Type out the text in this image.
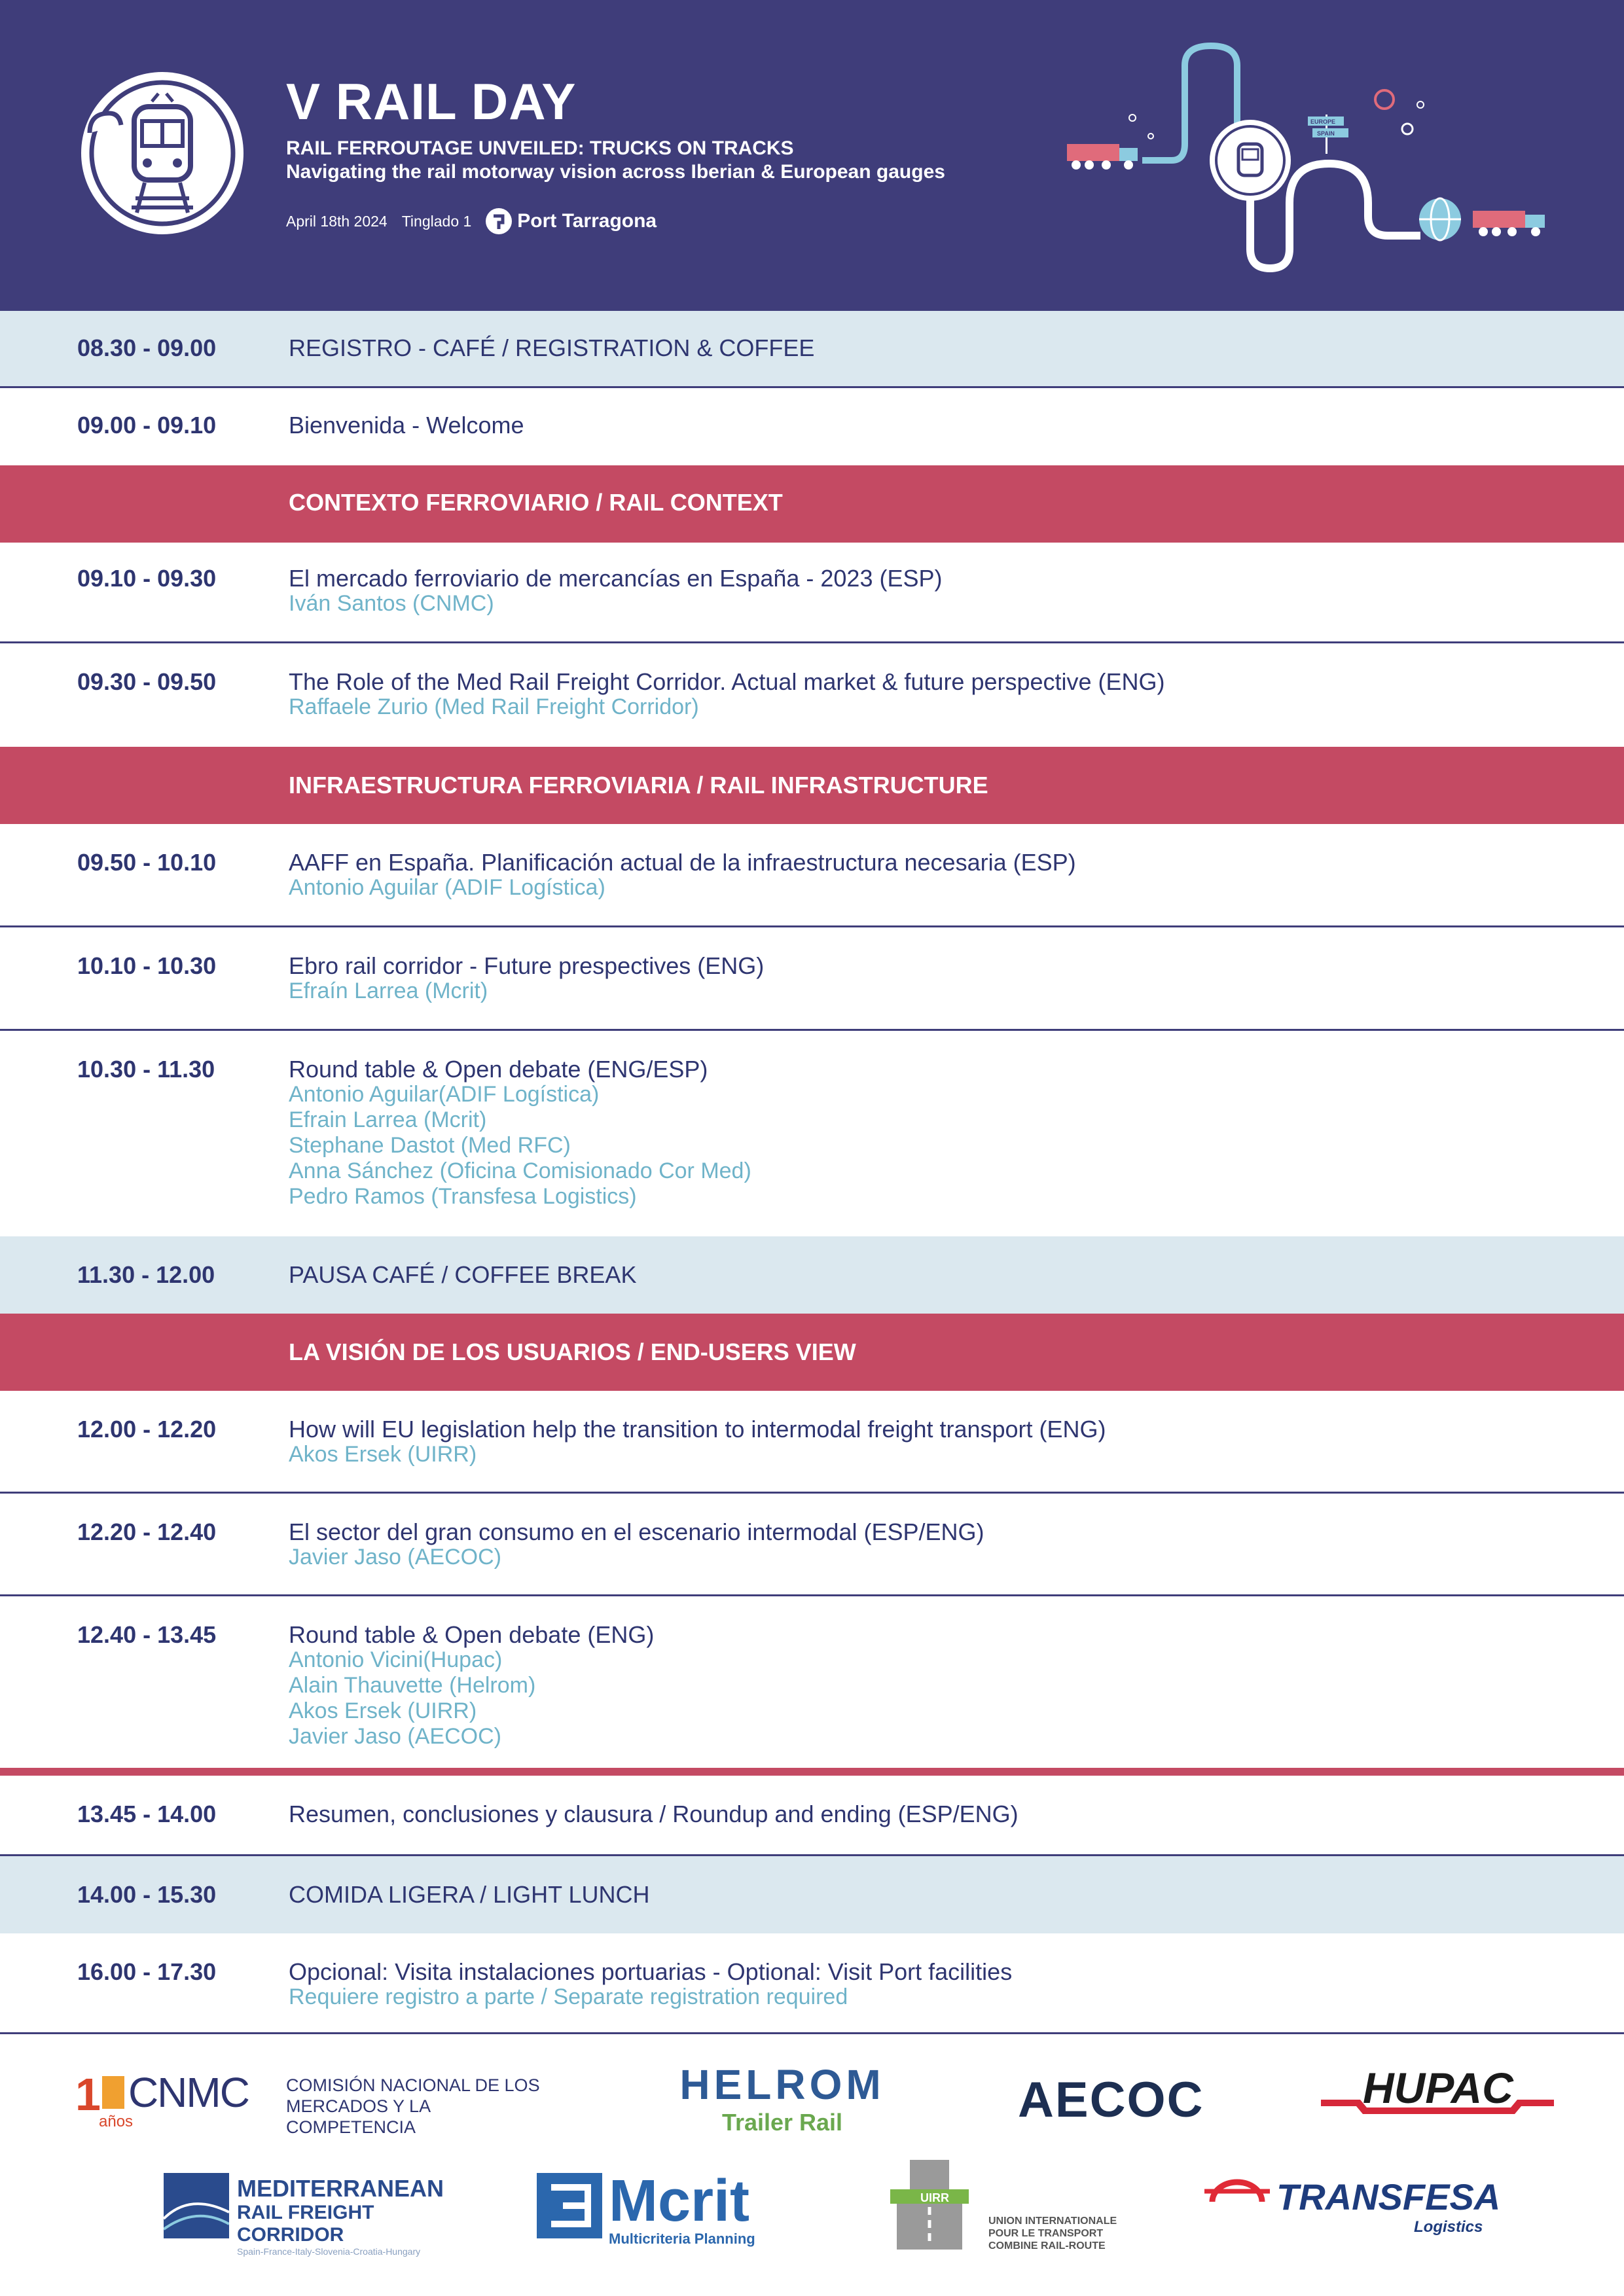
V RAIL DAY
RAIL FERROUTAGE UNVEILED: TRUCKS ON TRACKS
Navigating the rail motorway vision across Iberian & European gauges
April 18th 2024 Tinglado 1 Port Tarragona
EUROPE
SPAIN
08.30 - 09.00	REGISTRO - CAFÉ / REGISTRATION & COFFEE
09.00 - 09.10	Bienvenida - Welcome
CONTEXTO FERROVIARIO / RAIL CONTEXT
09.10 - 09.30	El mercado ferroviario de mercancías en España - 2023 (ESP)
Iván Santos (CNMC)
09.30 - 09.50	The Role of the Med Rail Freight Corridor. Actual market & future perspective (ENG)
Raffaele Zurio (Med Rail Freight Corridor)
INFRAESTRUCTURA FERROVIARIA / RAIL INFRASTRUCTURE
09.50 - 10.10	AAFF en España. Planificación actual de la infraestructura necesaria (ESP)
Antonio Aguilar (ADIF Logística)
10.10 - 10.30	Ebro rail corridor - Future prespectives (ENG)
Efraín Larrea (Mcrit)
10.30 - 11.30	Round table & Open debate (ENG/ESP)
Antonio Aguilar(ADIF Logística)
Efrain Larrea (Mcrit)
Stephane Dastot (Med RFC)
Anna Sánchez (Oficina Comisionado Cor Med)
Pedro Ramos (Transfesa Logistics)
11.30 - 12.00	PAUSA CAFÉ / COFFEE BREAK
LA VISIÓN DE LOS USUARIOS / END-USERS VIEW
12.00 - 12.20	How will EU legislation help the transition to intermodal freight transport (ENG)
Akos Ersek (UIRR)
12.20 - 12.40	El sector del gran consumo en el escenario intermodal (ESP/ENG)
Javier Jaso (AECOC)
12.40 - 13.45	Round table & Open debate (ENG)
Antonio Vicini(Hupac)
Alain Thauvette (Helrom)
Akos Ersek (UIRR)
Javier Jaso (AECOC)
13.45 - 14.00	Resumen, conclusiones y clausura / Roundup and ending (ESP/ENG)
14.00 - 15.30	COMIDA LIGERA / LIGHT LUNCH
16.00 - 17.30	Opcional: Visita instalaciones portuarias - Optional: Visit Port facilities
Requiere registro a parte / Separate registration required
1 CNMC
años
COMISIÓN NACIONAL DE LOS
MERCADOS Y LA COMPETENCIA
HELROM
Trailer Rail	AECOC	HUPAC
MEDITERRANEAN
RAIL FREIGHT CORRIDOR
Spain-France-Italy-Slovenia-Croatia-Hungary
Mcrit
Multicriteria Planning
UIRR
UNION INTERNATIONALE
POUR LE TRANSPORT
COMBINE RAIL-ROUTE
TRANSFESA
Logistics
